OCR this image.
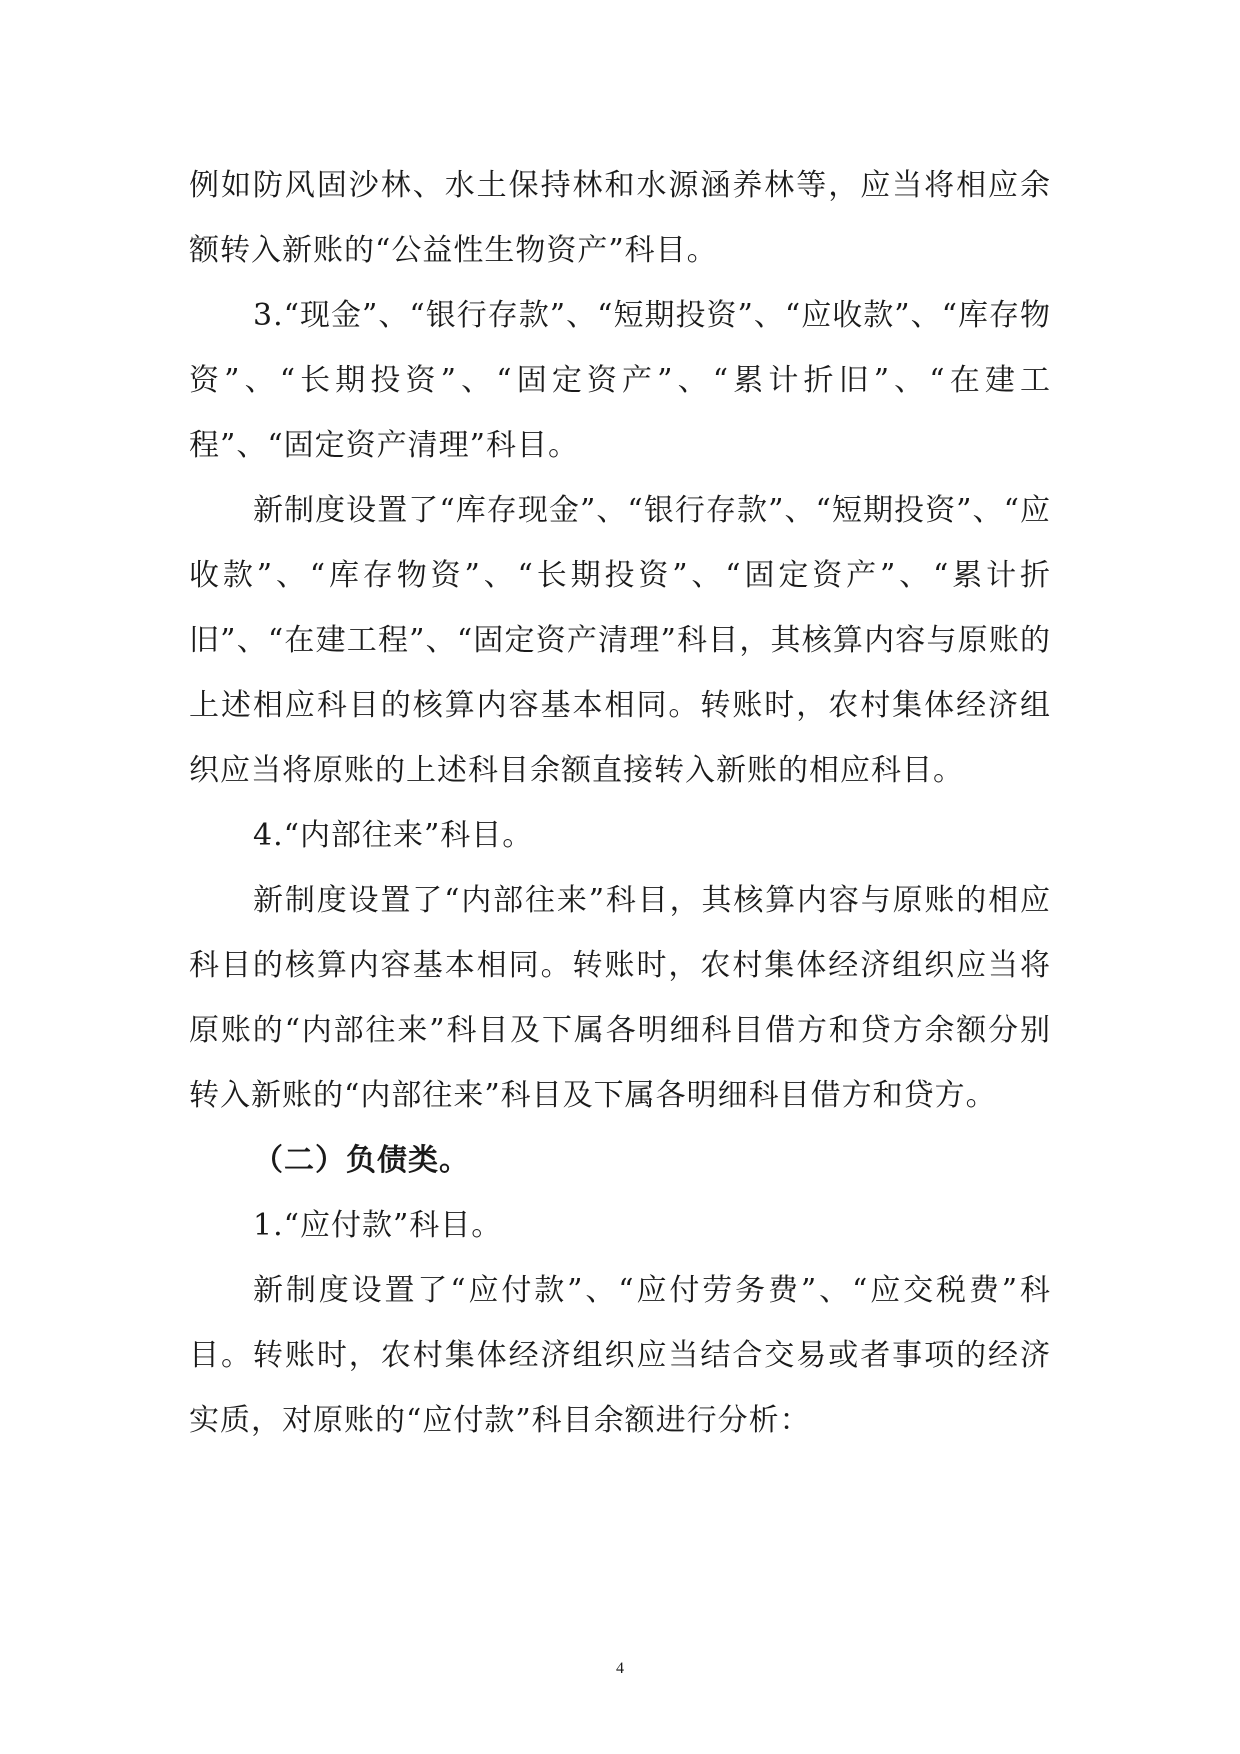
例如防风固沙林、水土保持林和水源涵养林等，应当将相应余额转入新账的“公益性生物资产”科目。

3.“现金”、“银行存款”、“短期投资”、“应收款”、“库存物资”、“长期投资”、“固定资产”、“累计折旧”、“在建工程”、“固定资产清理”科目。

新制度设置了“库存现金”、“银行存款”、“短期投资”、“应收款”、“库存物资”、“长期投资”、“固定资产”、“累计折旧”、“在建工程”、“固定资产清理”科目，其核算内容与原账的上述相应科目的核算内容基本相同。转账时，农村集体经济组织应当将原账的上述科目余额直接转入新账的相应科目。

4.“内部往来”科目。

新制度设置了“内部往来”科目，其核算内容与原账的相应科目的核算内容基本相同。转账时，农村集体经济组织应当将原账的“内部往来”科目及下属各明细科目借方和贷方余额分别转入新账的“内部往来”科目及下属各明细科目借方和贷方。

（二）负债类。

1.“应付款”科目。

新制度设置了“应付款”、“应付劳务费”、“应交税费”科目。转账时，农村集体经济组织应当结合交易或者事项的经济实质，对原账的“应付款”科目余额进行分析：

4
